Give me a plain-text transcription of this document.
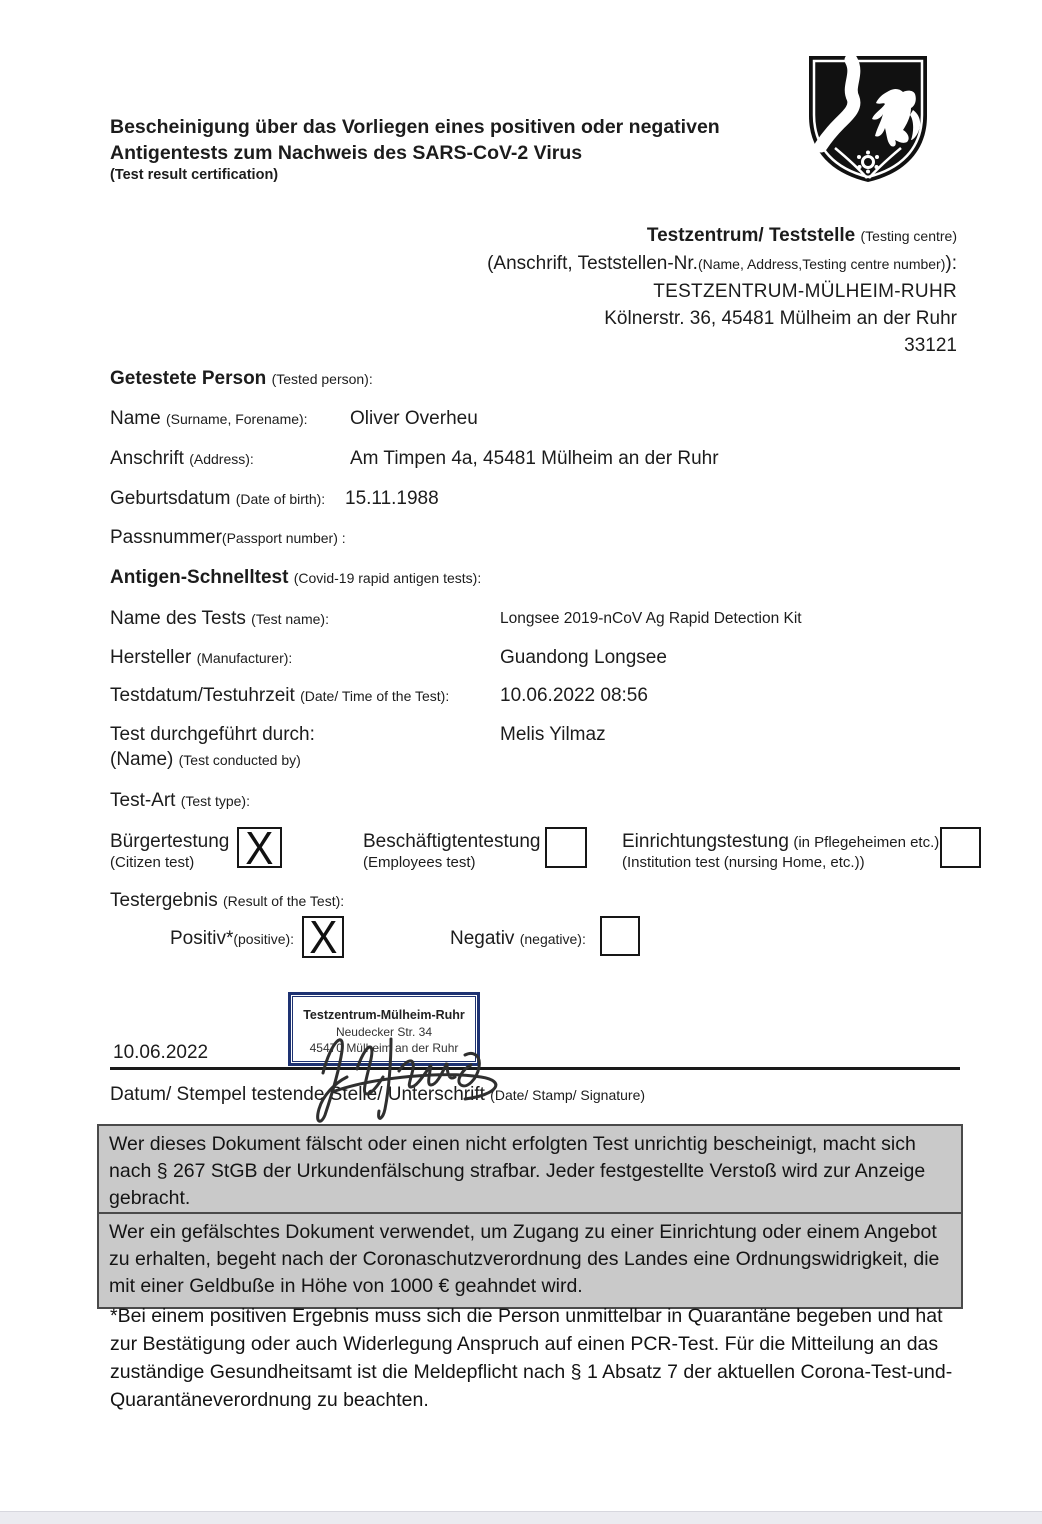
Bescheinigung über das Vorliegen eines positiven oder negativen
Antigentests zum Nachweis des SARS-CoV-2 Virus
(Test result certification)
Testzentrum/ Teststelle (Testing centre)
(Anschrift, Teststellen-Nr.(Name, Address,Testing centre number)):
TESTZENTRUM-MÜLHEIM-RUHR
Kölnerstr. 36, 45481 Mülheim an der Ruhr
33121
Getestete Person (Tested person):
Name (Surname, Forename): Oliver Overheu
Anschrift (Address):	Am Timpen 4a, 45481 Mülheim an der Ruhr
Geburtsdatum (Date of birth): 15.11.1988
Passnummer(Passport number) :
Antigen-Schnelltest (Covid-19 rapid antigen tests):
Name des Tests (Test name):	Longsee 2019-nCoV Ag Rapid Detection Kit
Hersteller (Manufacturer):	Guandong Longsee
Testdatum/Testuhrzeit (Date/ Time of the Test):	10.06.2022 08:56
Test durchgeführt durch:
(Name) (Test conducted by)
Melis Yilmaz
Test-Art (Test type):
Bürgertestung
(Citizen test)	X	Beschäftigtentestung
(Employees test)
Einrichtungstestung (in Pflegeheimen etc.)
(Institution test (nursing Home, etc.))
Testergebnis (Result of the Test):
Positiv*(positive): X	Negativ (negative):
10.06.2022
Testzentrum-Mülheim-Ruhr
Neudecker Str. 34
45470 Mülheim an der Ruhr
Datum/ Stempel testende Stelle/ Unterschrift (Date/ Stamp/ Signature)
Wer dieses Dokument fälscht oder einen nicht erfolgten Test unrichtig bescheinigt, macht sich nach § 267 StGB der Urkundenfälschung strafbar. Jeder festgestellte Verstoß wird zur Anzeige gebracht.
Wer ein gefälschtes Dokument verwendet, um Zugang zu einer Einrichtung oder einem Angebot zu erhalten, begeht nach der Coronaschutzverordnung des Landes eine Ordnungswidrigkeit, die mit einer Geldbuße in Höhe von 1000 € geahndet wird.
*Bei einem positiven Ergebnis muss sich die Person unmittelbar in Quarantäne begeben und hat zur Bestätigung oder auch Widerlegung Anspruch auf einen PCR-Test. Für die Mitteilung an das zuständige Gesundheitsamt ist die Meldepflicht nach § 1 Absatz 7 der aktuellen Corona-Test-und-Quarantäneverordnung zu beachten.
